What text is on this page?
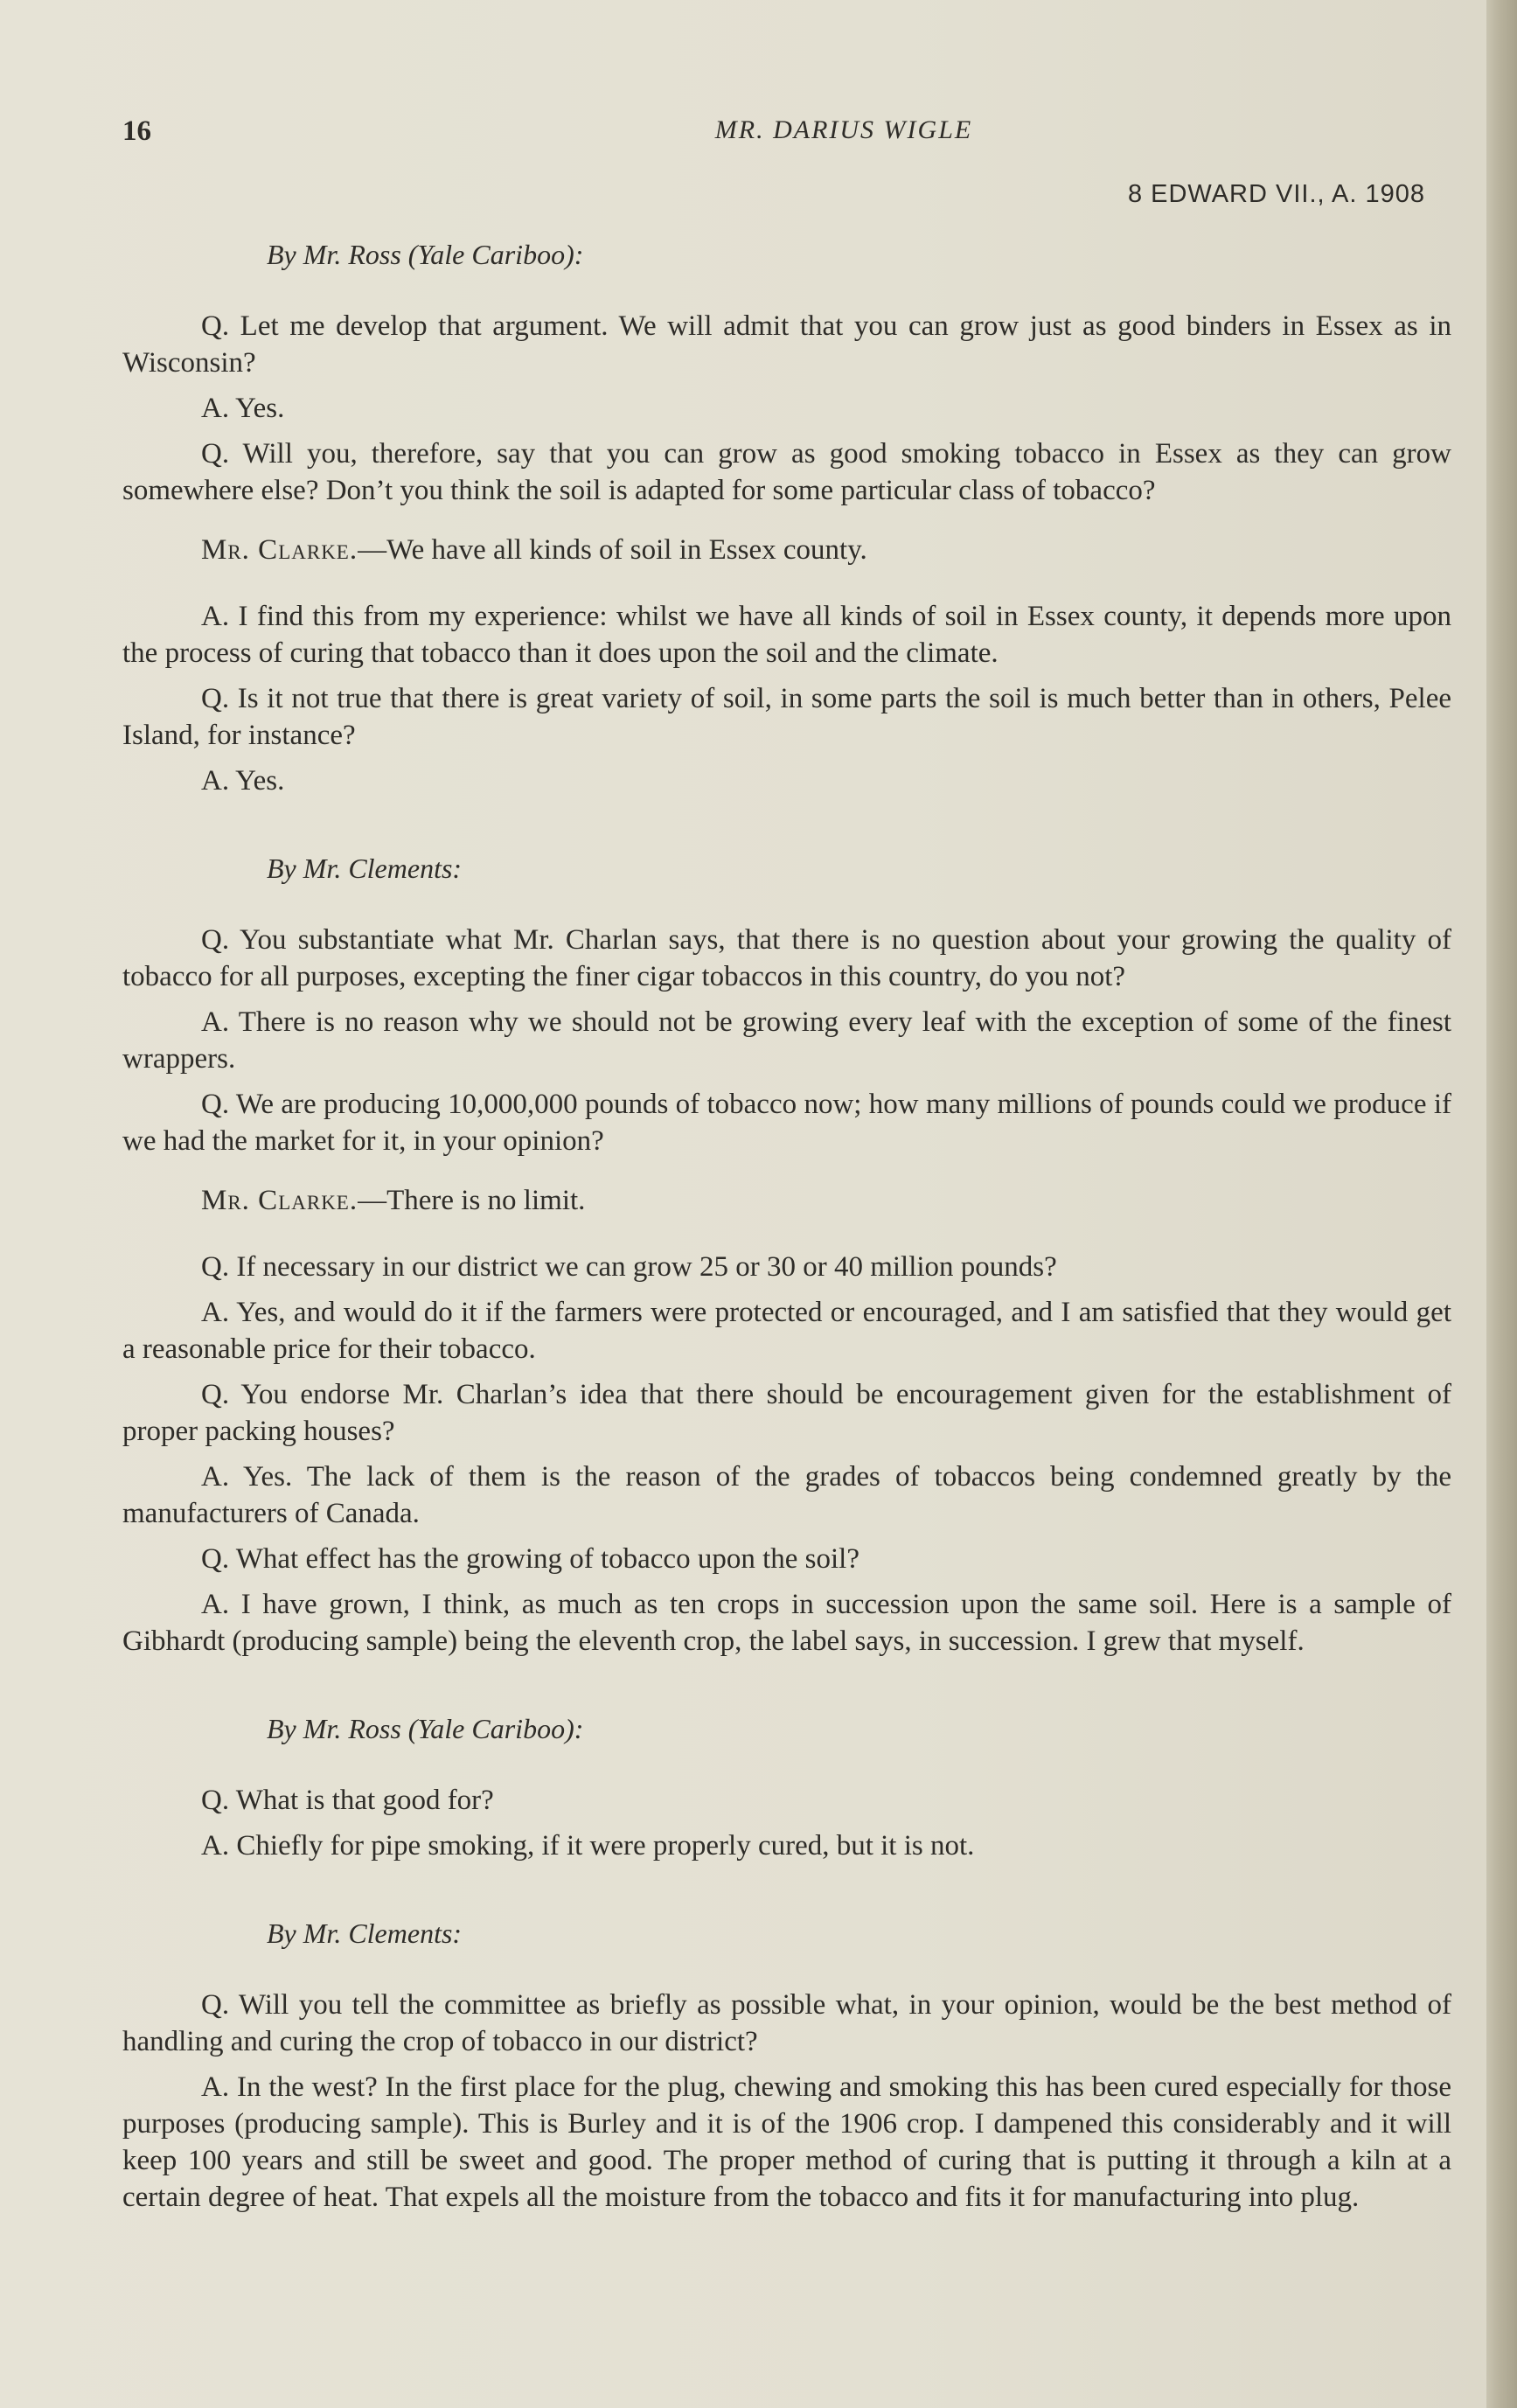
16	MR. DARIUS WIGLE
8 EDWARD VII., A. 1908
By Mr. Ross (Yale Cariboo):

Q. Let me develop that argument. We will admit that you can grow just as good binders in Essex as in Wisconsin?

A. Yes.

Q. Will you, therefore, say that you can grow as good smoking tobacco in Essex as they can grow somewhere else? Don’t you think the soil is adapted for some particular class of tobacco?

Mr. Clarke.—We have all kinds of soil in Essex county.

A. I find this from my experience: whilst we have all kinds of soil in Essex county, it depends more upon the process of curing that tobacco than it does upon the soil and the climate.

Q. Is it not true that there is great variety of soil, in some parts the soil is much better than in others, Pelee Island, for instance?

A. Yes.

By Mr. Clements:

Q. You substantiate what Mr. Charlan says, that there is no question about your growing the quality of tobacco for all purposes, excepting the finer cigar tobaccos in this country, do you not?

A. There is no reason why we should not be growing every leaf with the exception of some of the finest wrappers.

Q. We are producing 10,000,000 pounds of tobacco now; how many millions of pounds could we produce if we had the market for it, in your opinion?

Mr. Clarke.—There is no limit.

Q. If necessary in our district we can grow 25 or 30 or 40 million pounds?

A. Yes, and would do it if the farmers were protected or encouraged, and I am satisfied that they would get a reasonable price for their tobacco.

Q. You endorse Mr. Charlan’s idea that there should be encouragement given for the establishment of proper packing houses?

A. Yes. The lack of them is the reason of the grades of tobaccos being condemned greatly by the manufacturers of Canada.

Q. What effect has the growing of tobacco upon the soil?

A. I have grown, I think, as much as ten crops in succession upon the same soil. Here is a sample of Gibhardt (producing sample) being the eleventh crop, the label says, in succession. I grew that myself.

By Mr. Ross (Yale Cariboo):

Q. What is that good for?

A. Chiefly for pipe smoking, if it were properly cured, but it is not.

By Mr. Clements:

Q. Will you tell the committee as briefly as possible what, in your opinion, would be the best method of handling and curing the crop of tobacco in our district?

A. In the west? In the first place for the plug, chewing and smoking this has been cured especially for those purposes (producing sample). This is Burley and it is of the 1906 crop. I dampened this considerably and it will keep 100 years and still be sweet and good. The proper method of curing that is putting it through a kiln at a certain degree of heat. That expels all the moisture from the tobacco and fits it for manufacturing into plug.
